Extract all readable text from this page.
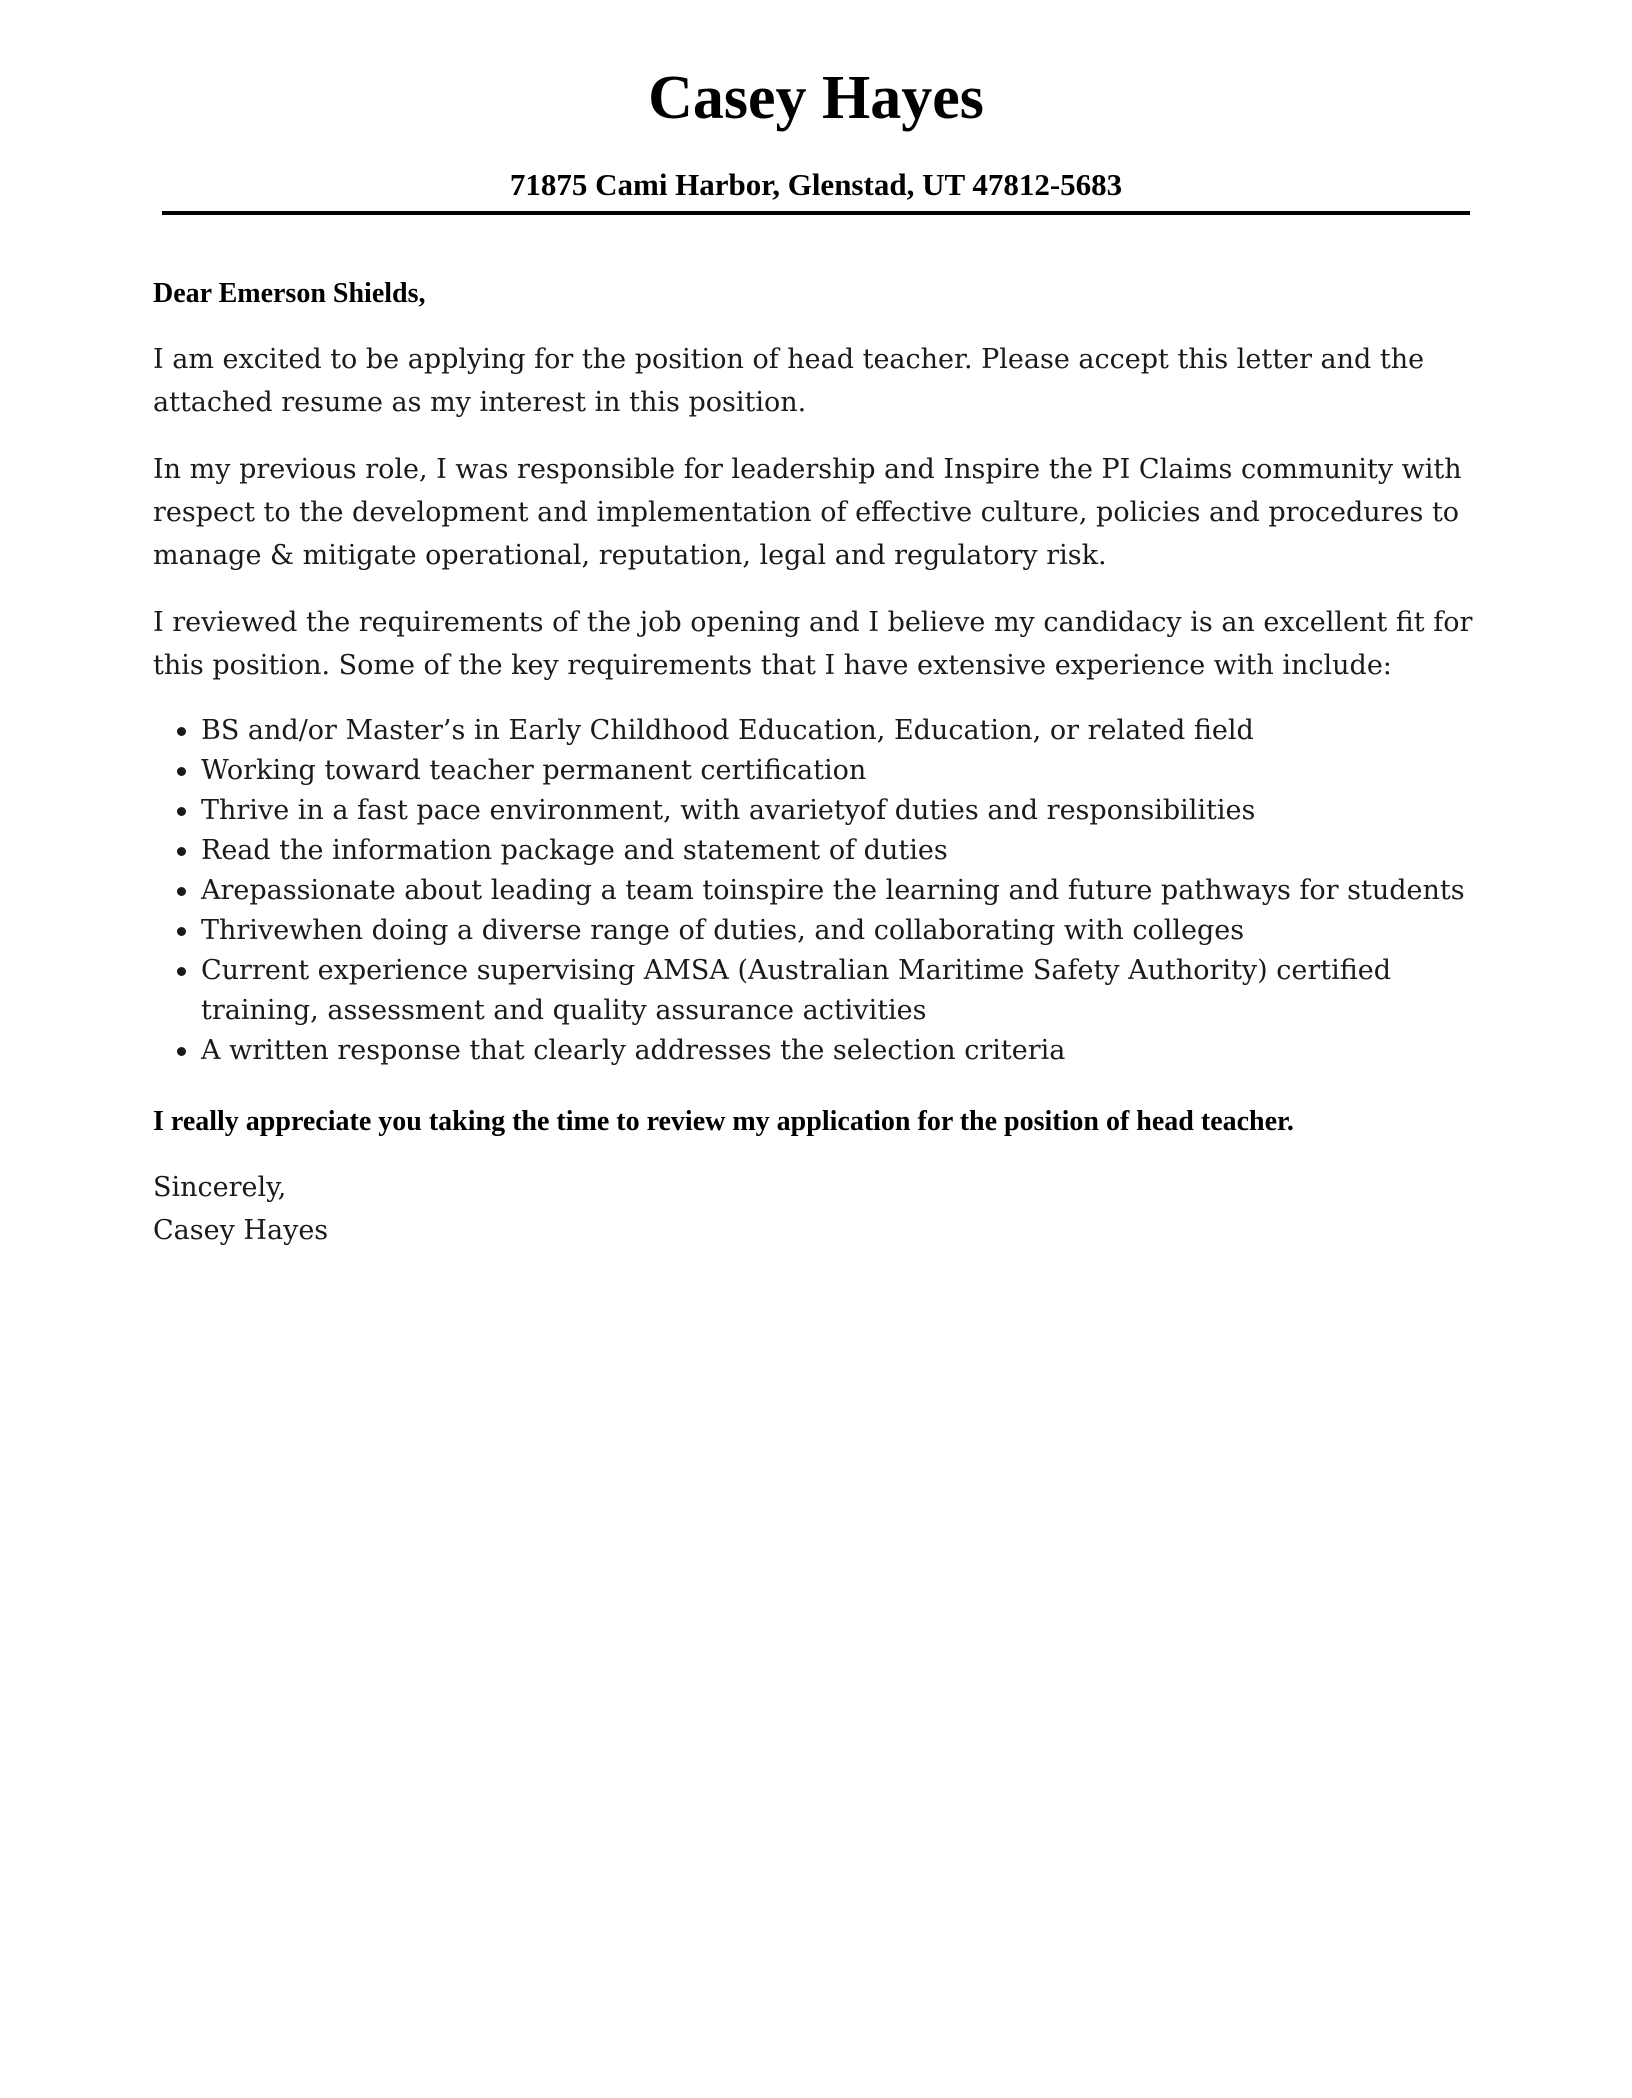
Casey Hayes
71875 Cami Harbor, Glenstad, UT 47812-5683

Dear Emerson Shields,

I am excited to be applying for the position of head teacher. Please accept this letter and the attached resume as my interest in this position.

In my previous role, I was responsible for leadership and Inspire the PI Claims community with respect to the development and implementation of effective culture, policies and procedures to manage & mitigate operational, reputation, legal and regulatory risk.

I reviewed the requirements of the job opening and I believe my candidacy is an excellent fit for this position. Some of the key requirements that I have extensive experience with include:

BS and/or Master’s in Early Childhood Education, Education, or related field
Working toward teacher permanent certification
Thrive in a fast pace environment, with avarietyof duties and responsibilities
Read the information package and statement of duties
Arepassionate about leading a team toinspire the learning and future pathways for students
Thrivewhen doing a diverse range of duties, and collaborating with colleges
Current experience supervising AMSA (Australian Maritime Safety Authority) certified training, assessment and quality assurance activities
A written response that clearly addresses the selection criteria

I really appreciate you taking the time to review my application for the position of head teacher.

Sincerely,

Casey Hayes
